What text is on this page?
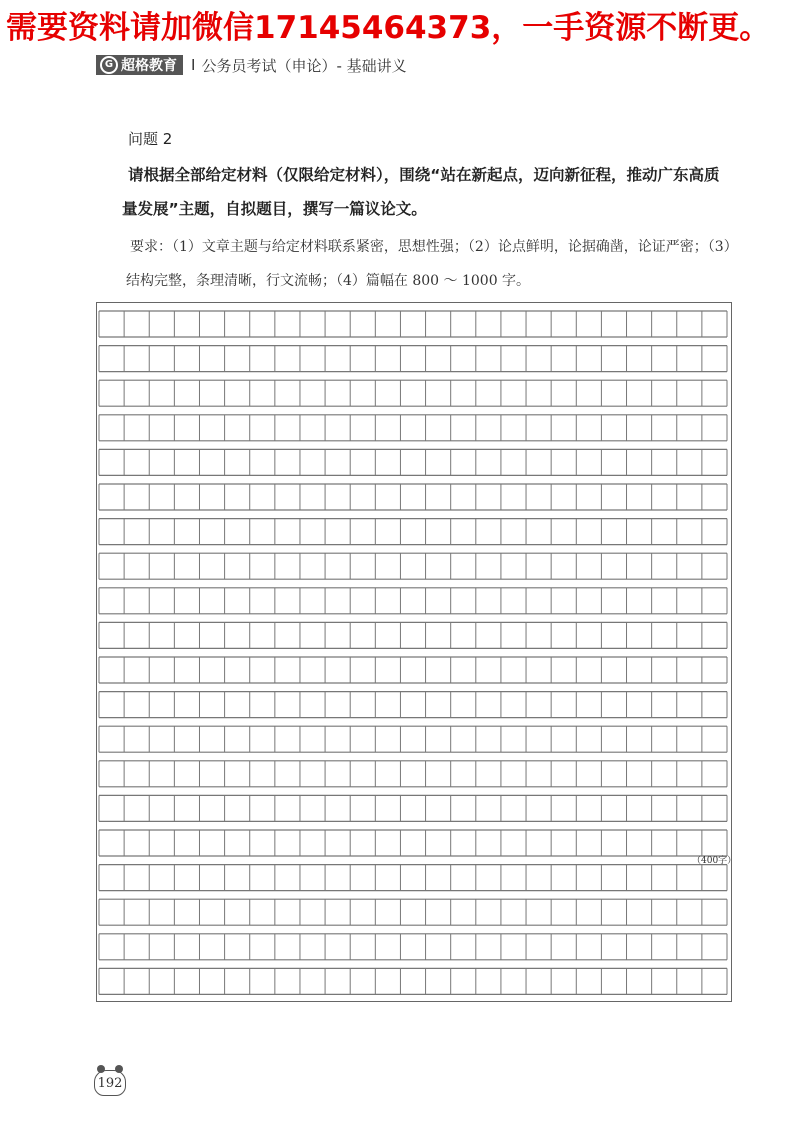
需要资料请加微信17145464373，一手资源不断更。
G 超格教育 I 公务员考试（申论）- 基础讲义
问题 2
请根据全部给定材料（仅限给定材料），围绕“站在新起点，迈向新征程，推动广东高质量发展”主题，自拟题目，撰写一篇议论文。
要求：（1）文章主题与给定材料联系紧密，思想性强；（2）论点鲜明，论据确凿，论证严密；（3）结构完整，条理清晰，行文流畅；（4）篇幅在 800 ～ 1000 字。
（400字）
192
